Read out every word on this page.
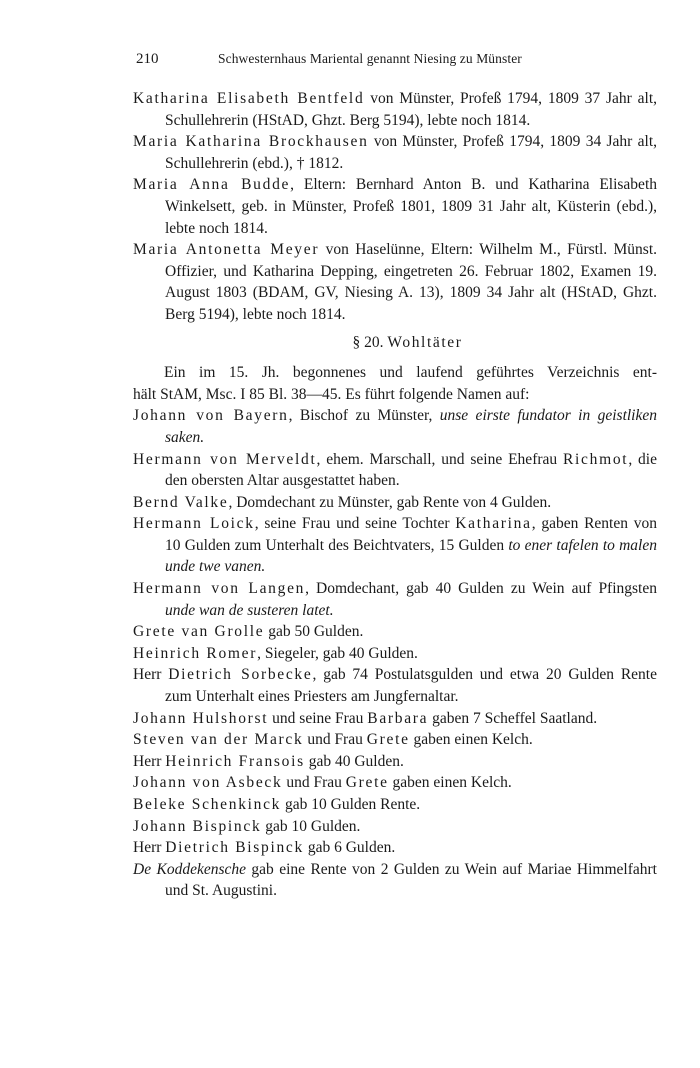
210	Schwesternhaus Mariental genannt Niesing zu Münster
Katharina Elisabeth Bentfeld von Münster, Profeß 1794, 1809 37 Jahr alt, Schullehrerin (HStAD, Ghzt. Berg 5194), lebte noch 1814.
Maria Katharina Brockhausen von Münster, Profeß 1794, 1809 34 Jahr alt, Schullehrerin (ebd.), † 1812.
Maria Anna Budde, Eltern: Bernhard Anton B. und Katharina Elisabeth Winkelsett, geb. in Münster, Profeß 1801, 1809 31 Jahr alt, Küsterin (ebd.), lebte noch 1814.
Maria Antonetta Meyer von Haselünne, Eltern: Wilhelm M., Fürstl. Münst. Offizier, und Katharina Depping, eingetreten 26. Februar 1802, Examen 19. August 1803 (BDAM, GV, Niesing A. 13), 1809 34 Jahr alt (HStAD, Ghzt. Berg 5194), lebte noch 1814.
§ 20. Wohltäter
Ein im 15. Jh. begonnenes und laufend geführtes Verzeichnis ent-
hält StAM, Msc. I 85 Bl. 38—45. Es führt folgende Namen auf:
Johann von Bayern, Bischof zu Münster, unse eirste fundator in geistliken saken.
Hermann von Merveldt, ehem. Marschall, und seine Ehefrau Richmot, die den obersten Altar ausgestattet haben.
Bernd Valke, Domdechant zu Münster, gab Rente von 4 Gulden.
Hermann Loick, seine Frau und seine Tochter Katharina, gaben Renten von 10 Gulden zum Unterhalt des Beichtvaters, 15 Gulden to ener tafelen to malen unde twe vanen.
Hermann von Langen, Domdechant, gab 40 Gulden zu Wein auf Pfingsten unde wan de susteren latet.
Grete van Grolle gab 50 Gulden.
Heinrich Romer, Siegeler, gab 40 Gulden.
Herr Dietrich Sorbecke, gab 74 Postulatsgulden und etwa 20 Gulden Rente zum Unterhalt eines Priesters am Jungfernaltar.
Johann Hulshorst und seine Frau Barbara gaben 7 Scheffel Saatland.
Steven van der Marck und Frau Grete gaben einen Kelch.
Herr Heinrich Fransois gab 40 Gulden.
Johann von Asbeck und Frau Grete gaben einen Kelch.
Beleke Schenkinck gab 10 Gulden Rente.
Johann Bispinck gab 10 Gulden.
Herr Dietrich Bispinck gab 6 Gulden.
De Koddekensche gab eine Rente von 2 Gulden zu Wein auf Mariae Himmelfahrt und St. Augustini.
